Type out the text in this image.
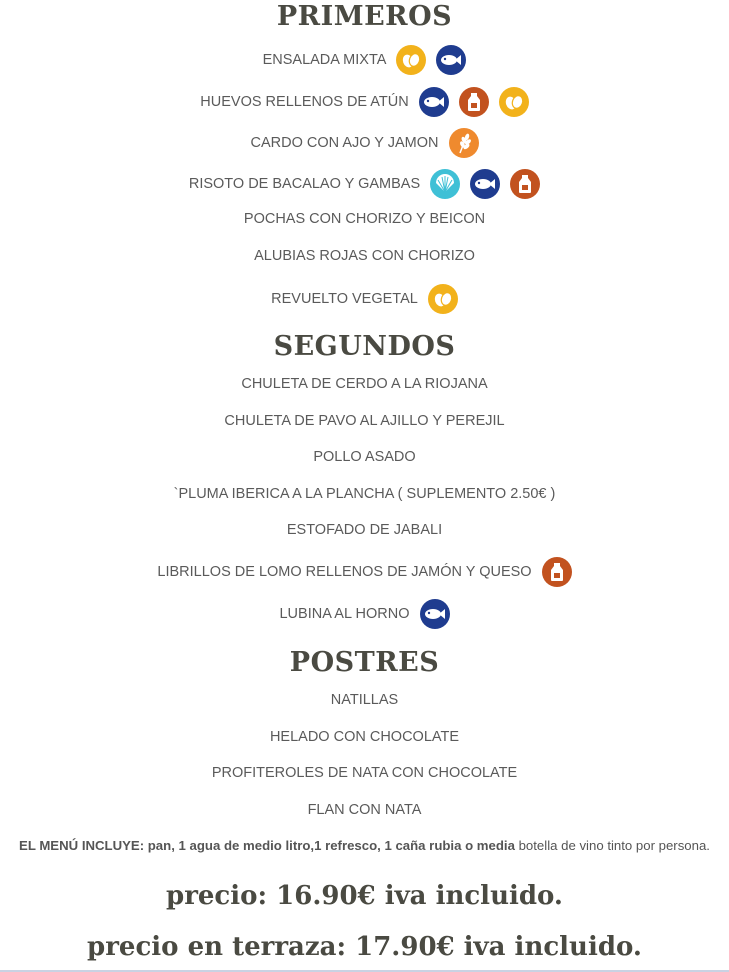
PRIMEROS
ENSALADA MIXTA
HUEVOS RELLENOS DE ATÚN
CARDO CON AJO Y JAMON
RISOTO DE BACALAO Y GAMBAS
POCHAS CON CHORIZO Y BEICON
ALUBIAS ROJAS CON CHORIZO
REVUELTO VEGETAL
SEGUNDOS
CHULETA DE CERDO A LA RIOJANA
CHULETA DE PAVO AL AJILLO Y PEREJIL
POLLO ASADO
`PLUMA IBERICA A LA PLANCHA ( SUPLEMENTO 2.50€ )
ESTOFADO DE JABALI
LIBRILLOS DE LOMO RELLENOS DE JAMÓN Y QUESO
LUBINA AL HORNO
POSTRES
NATILLAS
HELADO CON CHOCOLATE
PROFITEROLES DE NATA CON CHOCOLATE
FLAN CON NATA
EL MENÚ INCLUYE: pan, 1 agua de medio litro,1 refresco, 1 caña rubia o media botella de vino tinto por persona.
precio: 16.90€ iva incluido.
precio en terraza: 17.90€ iva incluido.
